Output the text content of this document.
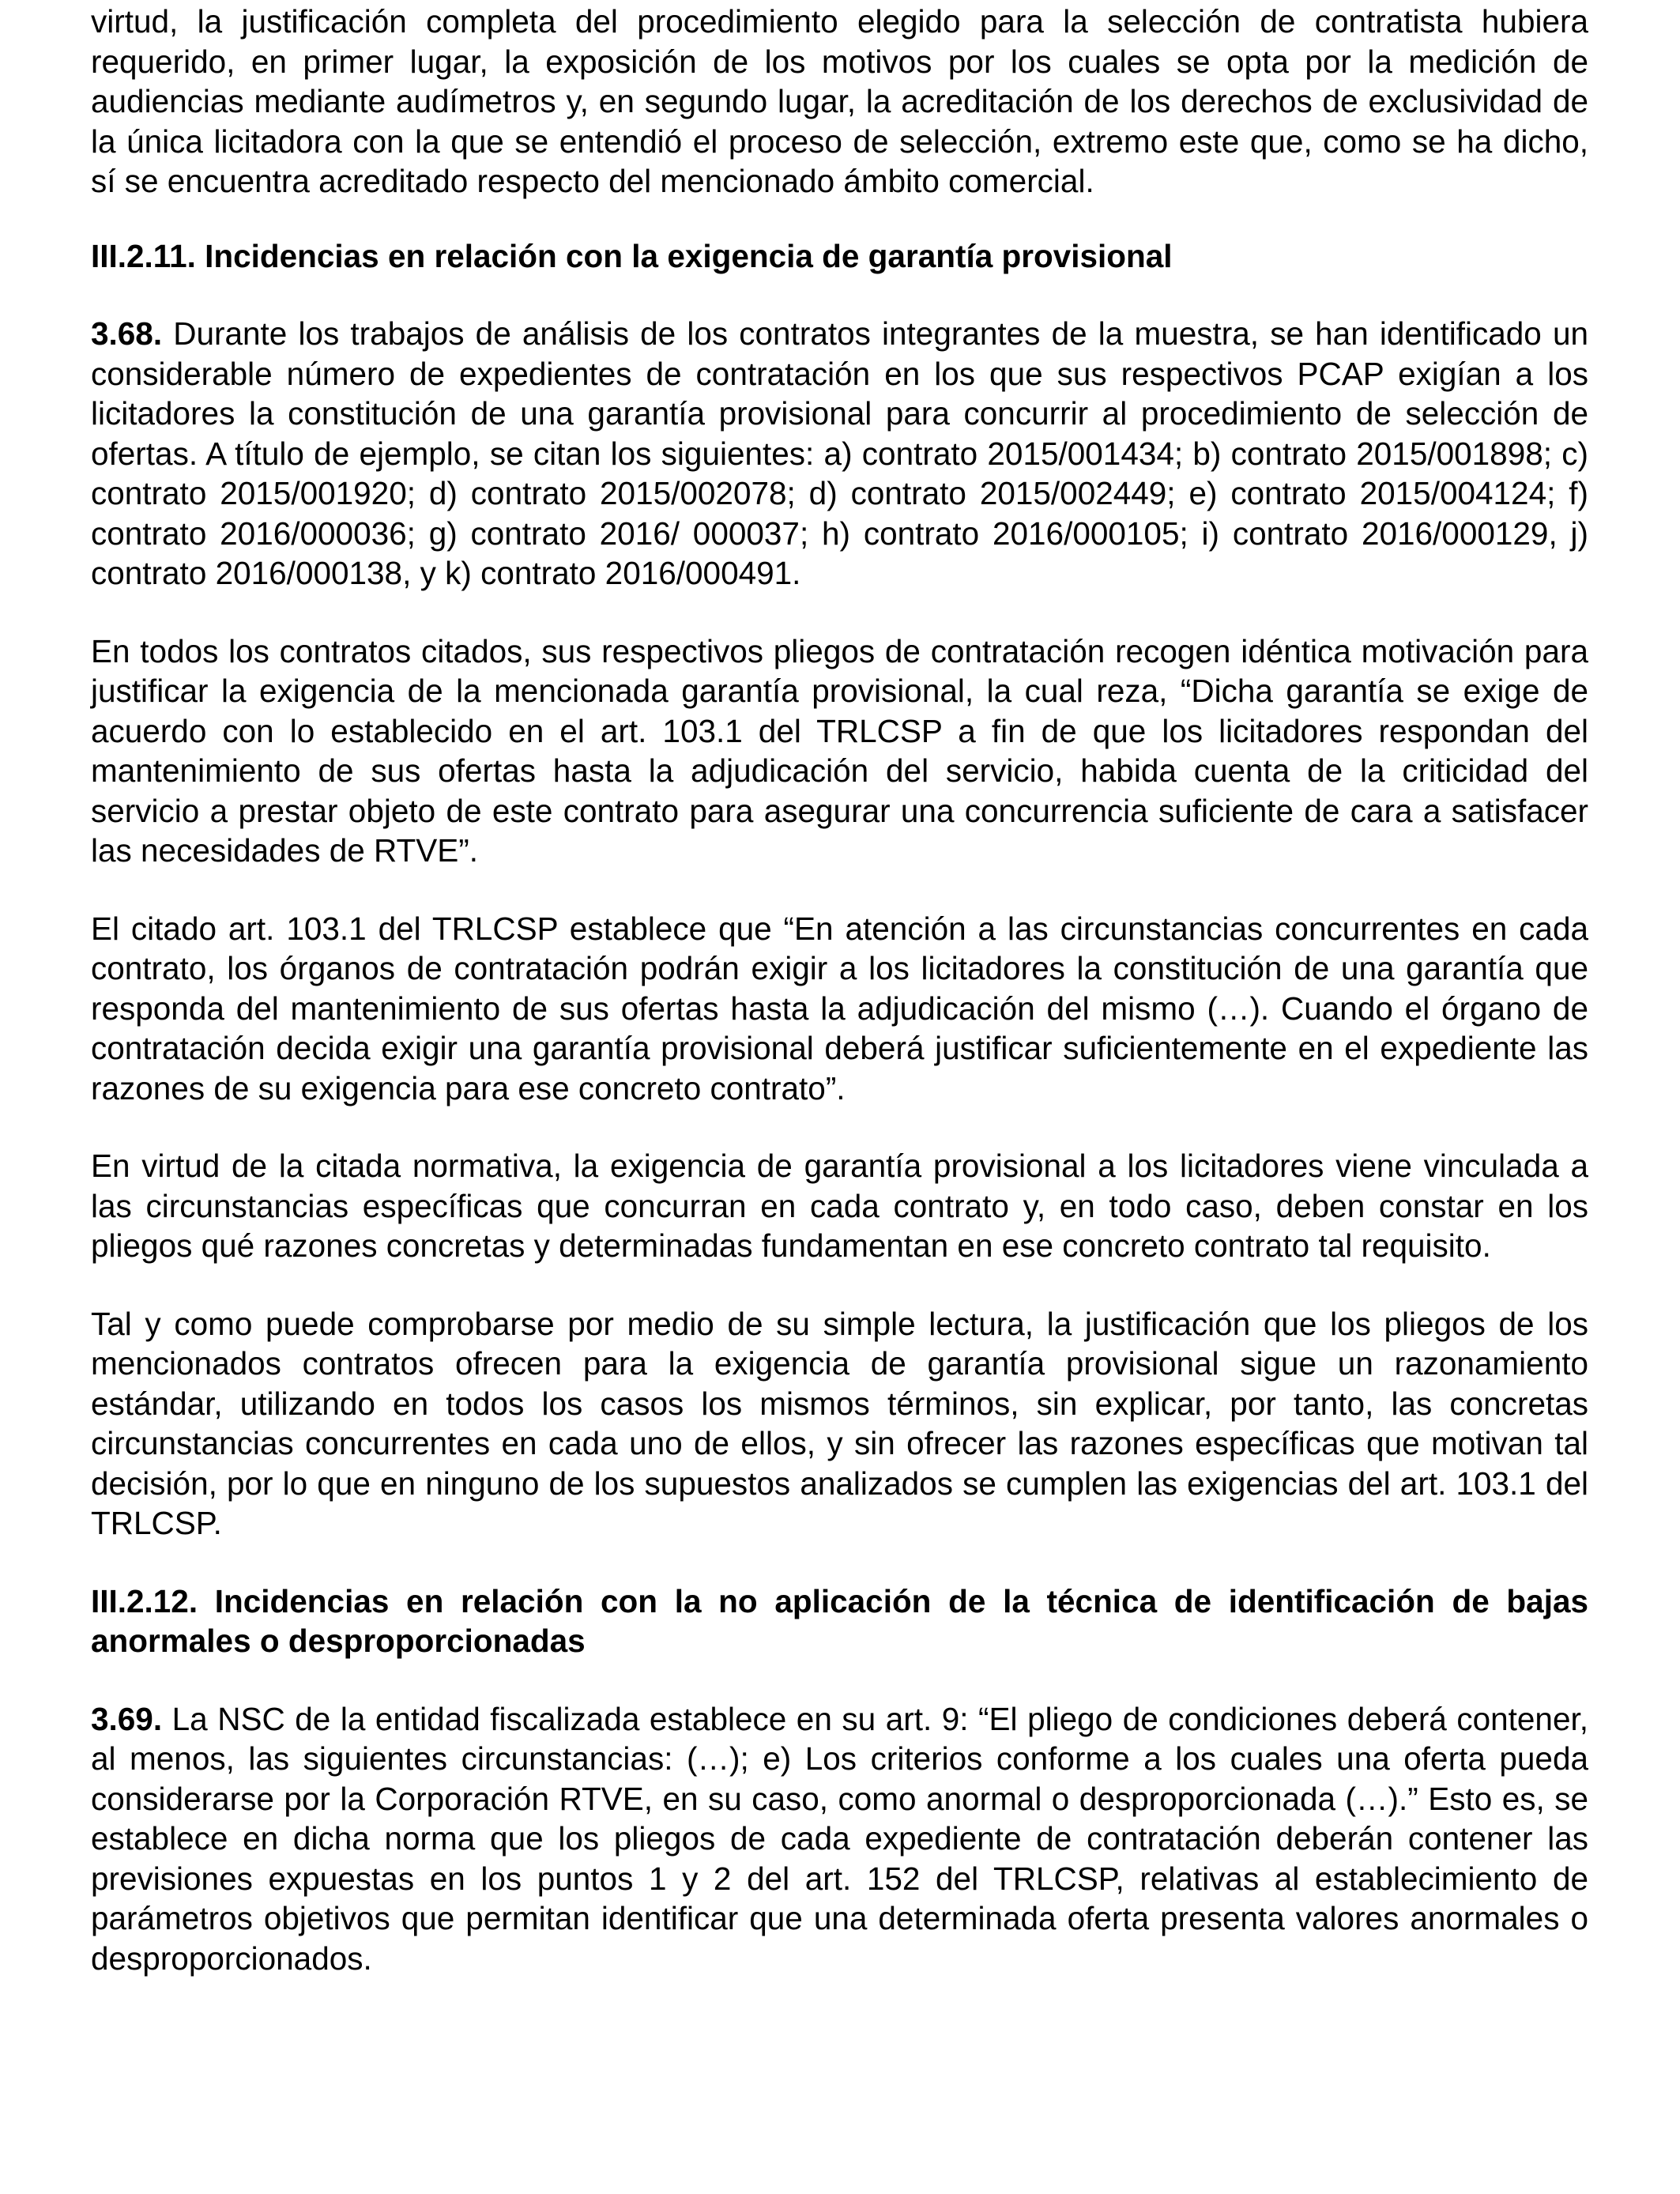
virtud, la justificación completa del procedimiento elegido para la selección de contratista hubiera requerido, en primer lugar, la exposición de los motivos por los cuales se opta por la medición de audiencias mediante audímetros y, en segundo lugar, la acreditación de los derechos de exclusividad de la única licitadora con la que se entendió el proceso de selección, extremo este que, como se ha dicho, sí se encuentra acreditado respecto del mencionado ámbito comercial.

III.2.11. Incidencias en relación con la exigencia de garantía provisional

3.68. Durante los trabajos de análisis de los contratos integrantes de la muestra, se han identificado un considerable número de expedientes de contratación en los que sus respectivos PCAP exigían a los licitadores la constitución de una garantía provisional para concurrir al procedimiento de selección de ofertas. A título de ejemplo, se citan los siguientes: a) contrato 2015/001434; b) contrato 2015/001898; c) contrato 2015/001920; d) contrato 2015/002078; d) contrato 2015/002449; e) contrato 2015/004124; f) contrato 2016/000036; g) contrato 2016/ 000037; h) contrato 2016/000105; i) contrato 2016/000129, j) contrato 2016/000138, y k) contrato 2016/000491.

En todos los contratos citados, sus respectivos pliegos de contratación recogen idéntica motivación para justificar la exigencia de la mencionada garantía provisional, la cual reza, “Dicha garantía se exige de acuerdo con lo establecido en el art. 103.1 del TRLCSP a fin de que los licitadores respondan del mantenimiento de sus ofertas hasta la adjudicación del servicio, habida cuenta de la criticidad del servicio a prestar objeto de este contrato para asegurar una concurrencia suficiente de cara a satisfacer las necesidades de RTVE”.

El citado art. 103.1 del TRLCSP establece que “En atención a las circunstancias concurrentes en cada contrato, los órganos de contratación podrán exigir a los licitadores la constitución de una garantía que responda del mantenimiento de sus ofertas hasta la adjudicación del mismo (…). Cuando el órgano de contratación decida exigir una garantía provisional deberá justificar suficientemente en el expediente las razones de su exigencia para ese concreto contrato”.

En virtud de la citada normativa, la exigencia de garantía provisional a los licitadores viene vinculada a las circunstancias específicas que concurran en cada contrato y, en todo caso, deben constar en los pliegos qué razones concretas y determinadas fundamentan en ese concreto contrato tal requisito.

Tal y como puede comprobarse por medio de su simple lectura, la justificación que los pliegos de los mencionados contratos ofrecen para la exigencia de garantía provisional sigue un razonamiento estándar, utilizando en todos los casos los mismos términos, sin explicar, por tanto, las concretas circunstancias concurrentes en cada uno de ellos, y sin ofrecer las razones específicas que motivan tal decisión, por lo que en ninguno de los supuestos analizados se cumplen las exigencias del art. 103.1 del TRLCSP.

III.2.12. Incidencias en relación con la no aplicación de la técnica de identificación de bajas anormales o desproporcionadas

3.69. La NSC de la entidad fiscalizada establece en su art. 9: “El pliego de condiciones deberá contener, al menos, las siguientes circunstancias: (…); e) Los criterios conforme a los cuales una oferta pueda considerarse por la Corporación RTVE, en su caso, como anormal o desproporcionada (…).” Esto es, se establece en dicha norma que los pliegos de cada expediente de contratación deberán contener las previsiones expuestas en los puntos 1 y 2 del art. 152 del TRLCSP, relativas al establecimiento de parámetros objetivos que permitan identificar que una determinada oferta presenta valores anormales o desproporcionados.
